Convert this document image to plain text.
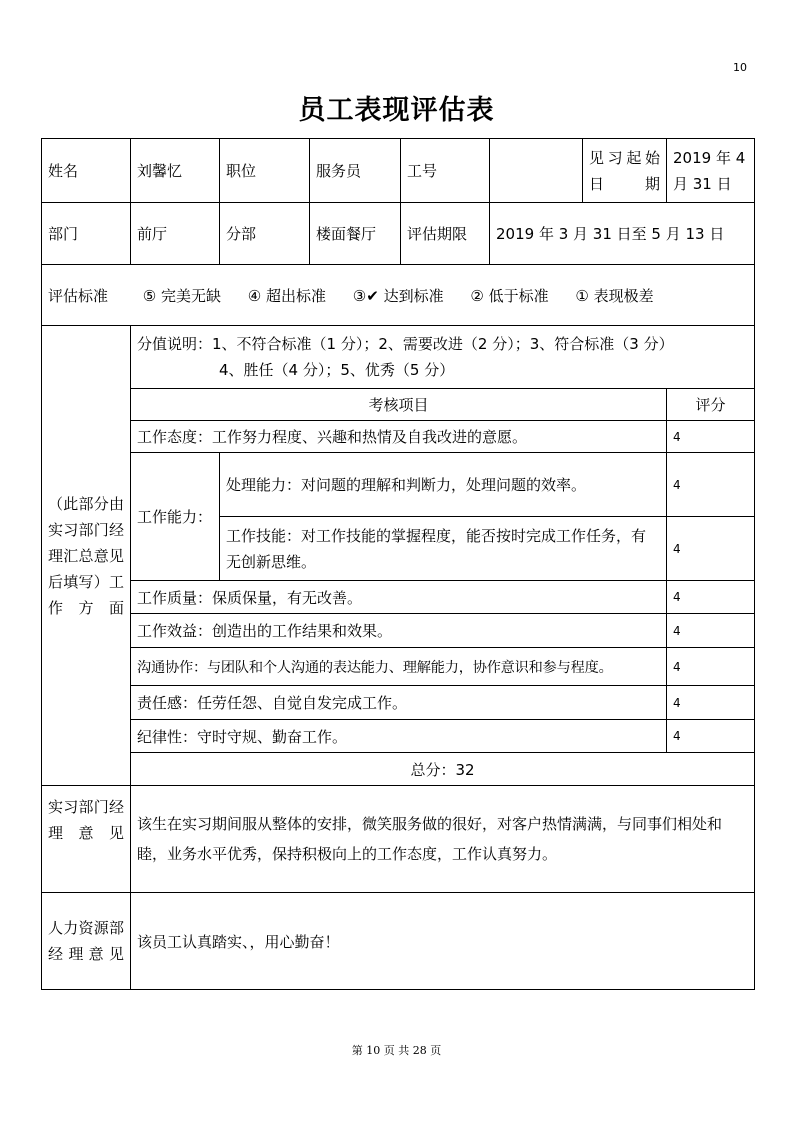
10
员工表现评估表
姓名	刘馨忆	职位	服务员	工号		见习起始日期	2019 年 4 月 31 日
部门	前厅	分部	楼面餐厅	评估期限	2019 年 3 月 31 日至 5 月 13 日		
评估标准 ⑤ 完美无缺 ④ 超出标准 ③✔ 达到标准 ② 低于标准 ① 表现极差							
（此部分由实习部门经理汇总意见后填写）工作方面	分值说明：1、不符合标准（1 分）；2、需要改进（2 分）；3、符合标准（3 分）
4、胜任（4 分）；5、优秀（5 分）						

	考核项目						评分
	工作态度：工作努力程度、兴趣和热情及自我改进的意愿。						4
	工作能力：	处理能力：对问题的理解和判断力，处理问题的效率。					4
		工作技能：对工作技能的掌握程度，能否按时完成工作任务，有无创新思维。					4
	工作质量：保质保量，有无改善。						4
	工作效益：创造出的工作结果和效果。						4
	沟通协作：与团队和个人沟通的表达能力、理解能力，协作意识和参与程度。						4
	责任感：任劳任怨、自觉自发完成工作。						4
	纪律性：守时守规、勤奋工作。						4
	总分：32						
实习部门经理意见	该生在实习期间服从整体的安排，微笑服务做的很好，对客户热情满满，与同事们相处和睦，业务水平优秀，保持积极向上的工作态度，工作认真努力。						
人力资源部经理意见	该员工认真踏实、，用心勤奋！						
第 10 页 共 28 页
